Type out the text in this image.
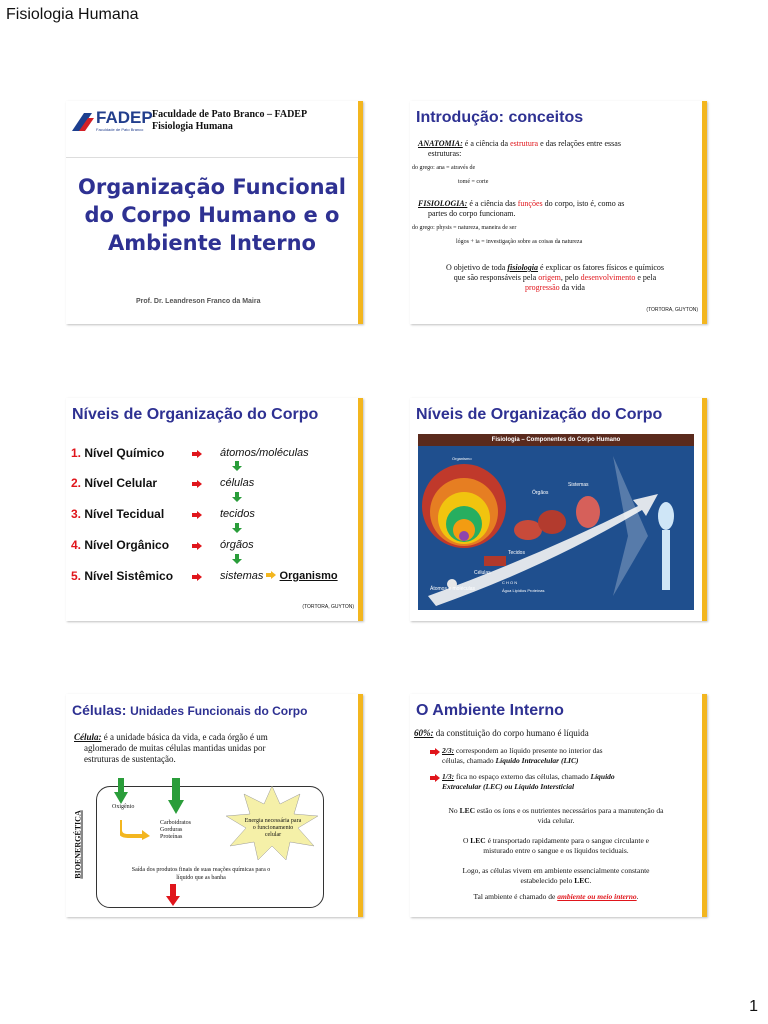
Fisiologia Humana
FADEP
Faculdade de Pato Branco
Faculdade de Pato Branco – FADEP
Fisiologia Humana
Organização Funcional
do Corpo Humano e o
Ambiente Interno
Prof. Dr. Leandreson Franco da Maira
Introdução: conceitos
ANATOMIA: é a ciência da estrutura e das relações entre essas
estruturas:
do grego: ana = através de
tomé = corte
FISIOLOGIA: é a ciência das funções do corpo, isto é, como as
partes do corpo funcionam.
do grego: physis = natureza, maneira de ser
lógos + ia = investigação sobre as coisas da natureza
O objetivo de toda fisiologia é explicar os fatores físicos e químicos
que são responsáveis pela origem, pelo desenvolvimento e pela
progressão da vida
(TORTORA, GUYTON)
Níveis de Organização do Corpo
1. Nível Químico	átomos/moléculas
2. Nível Celular	células
3. Nível Tecidual	tecidos
4. Nível Orgânico	órgãos
5. Nível Sistêmico	sistemas Organismo
(TORTORA, GUYTON)
Níveis de Organização do Corpo
Fisiologia – Componentes do Corpo Humano
Organismo
Sistemas
Órgãos
Tecidos
Células
Átomos e moléculas
C H O N
Água Lipídios Proteínas
Células: Unidades Funcionais do Corpo
Célula: é a unidade básica da vida, e cada órgão é um
aglomerado de muitas células mantidas unidas por
estruturas de sustentação.
BIOENERGÉTICA
Oxigênio
Carboidratos
Gorduras
Proteínas
Energia necessária para o funcionamento celular
Saída dos produtos finais de suas reações químicas para o líquido que as banha
O Ambiente Interno
60%: da constituição do corpo humano é líquida
2/3: correspondem ao líquido presente no interior das
células, chamado Líquido Intracelular (LIC)
1/3: fica no espaço externo das células, chamado Líquido
Extracelular (LEC) ou Líquido Intersticial
No LEC estão os íons e os nutrientes necessários para a manutenção da
vida celular.
O LEC é transportado rapidamente para o sangue circulante e
misturado entre o sangue e os líquidos teciduais.
Logo, as células vivem em ambiente essencialmente constante
estabelecido pelo LEC.
Tal ambiente é chamado de ambiente ou meio interno.
1
